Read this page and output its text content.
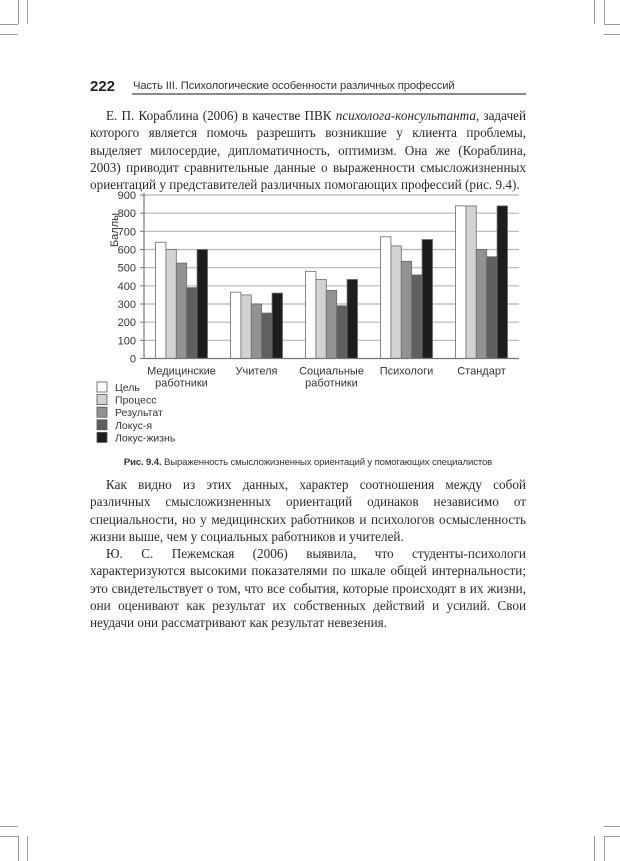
222 Часть III. Психологические особенности различных профессий

Е. П. Кораблина (2006) в качестве ПВК психолога-консультанта, задачей которого является помочь разрешить возникшие у клиента проблемы, выделяет милосердие, дипломатичность, оптимизм. Она же (Кораблина, 2003) приводит сравнительные данные о выраженности смысложизненных ориентаций у представителей различных помогающих профессий (рис. 9.4).

0
100
200
300
400
500
600
700
800
900
Медицинские
работники
Учителя Социальные
работники
Психологи Стандарт
Баллы
Цель
Процесс
Результат
Локус-я
Локус-жизнь
Рис. 9.4. Выраженность смысложизненных ориентаций у помогающих специалистов

Как видно из этих данных, характер соотношения между собой различных смысложизненных ориентаций одинаков независимо от специальности, но у медицинских работников и психологов осмысленность жизни выше, чем у социальных работников и учителей.

Ю. С. Пежемская (2006) выявила, что студенты-психологи характеризуются высокими показателями по шкале общей интернальности; это свидетельствует о том, что все события, которые происходят в их жизни, они оценивают как результат их собственных действий и усилий. Свои неудачи они рассматривают как результат невезения.
